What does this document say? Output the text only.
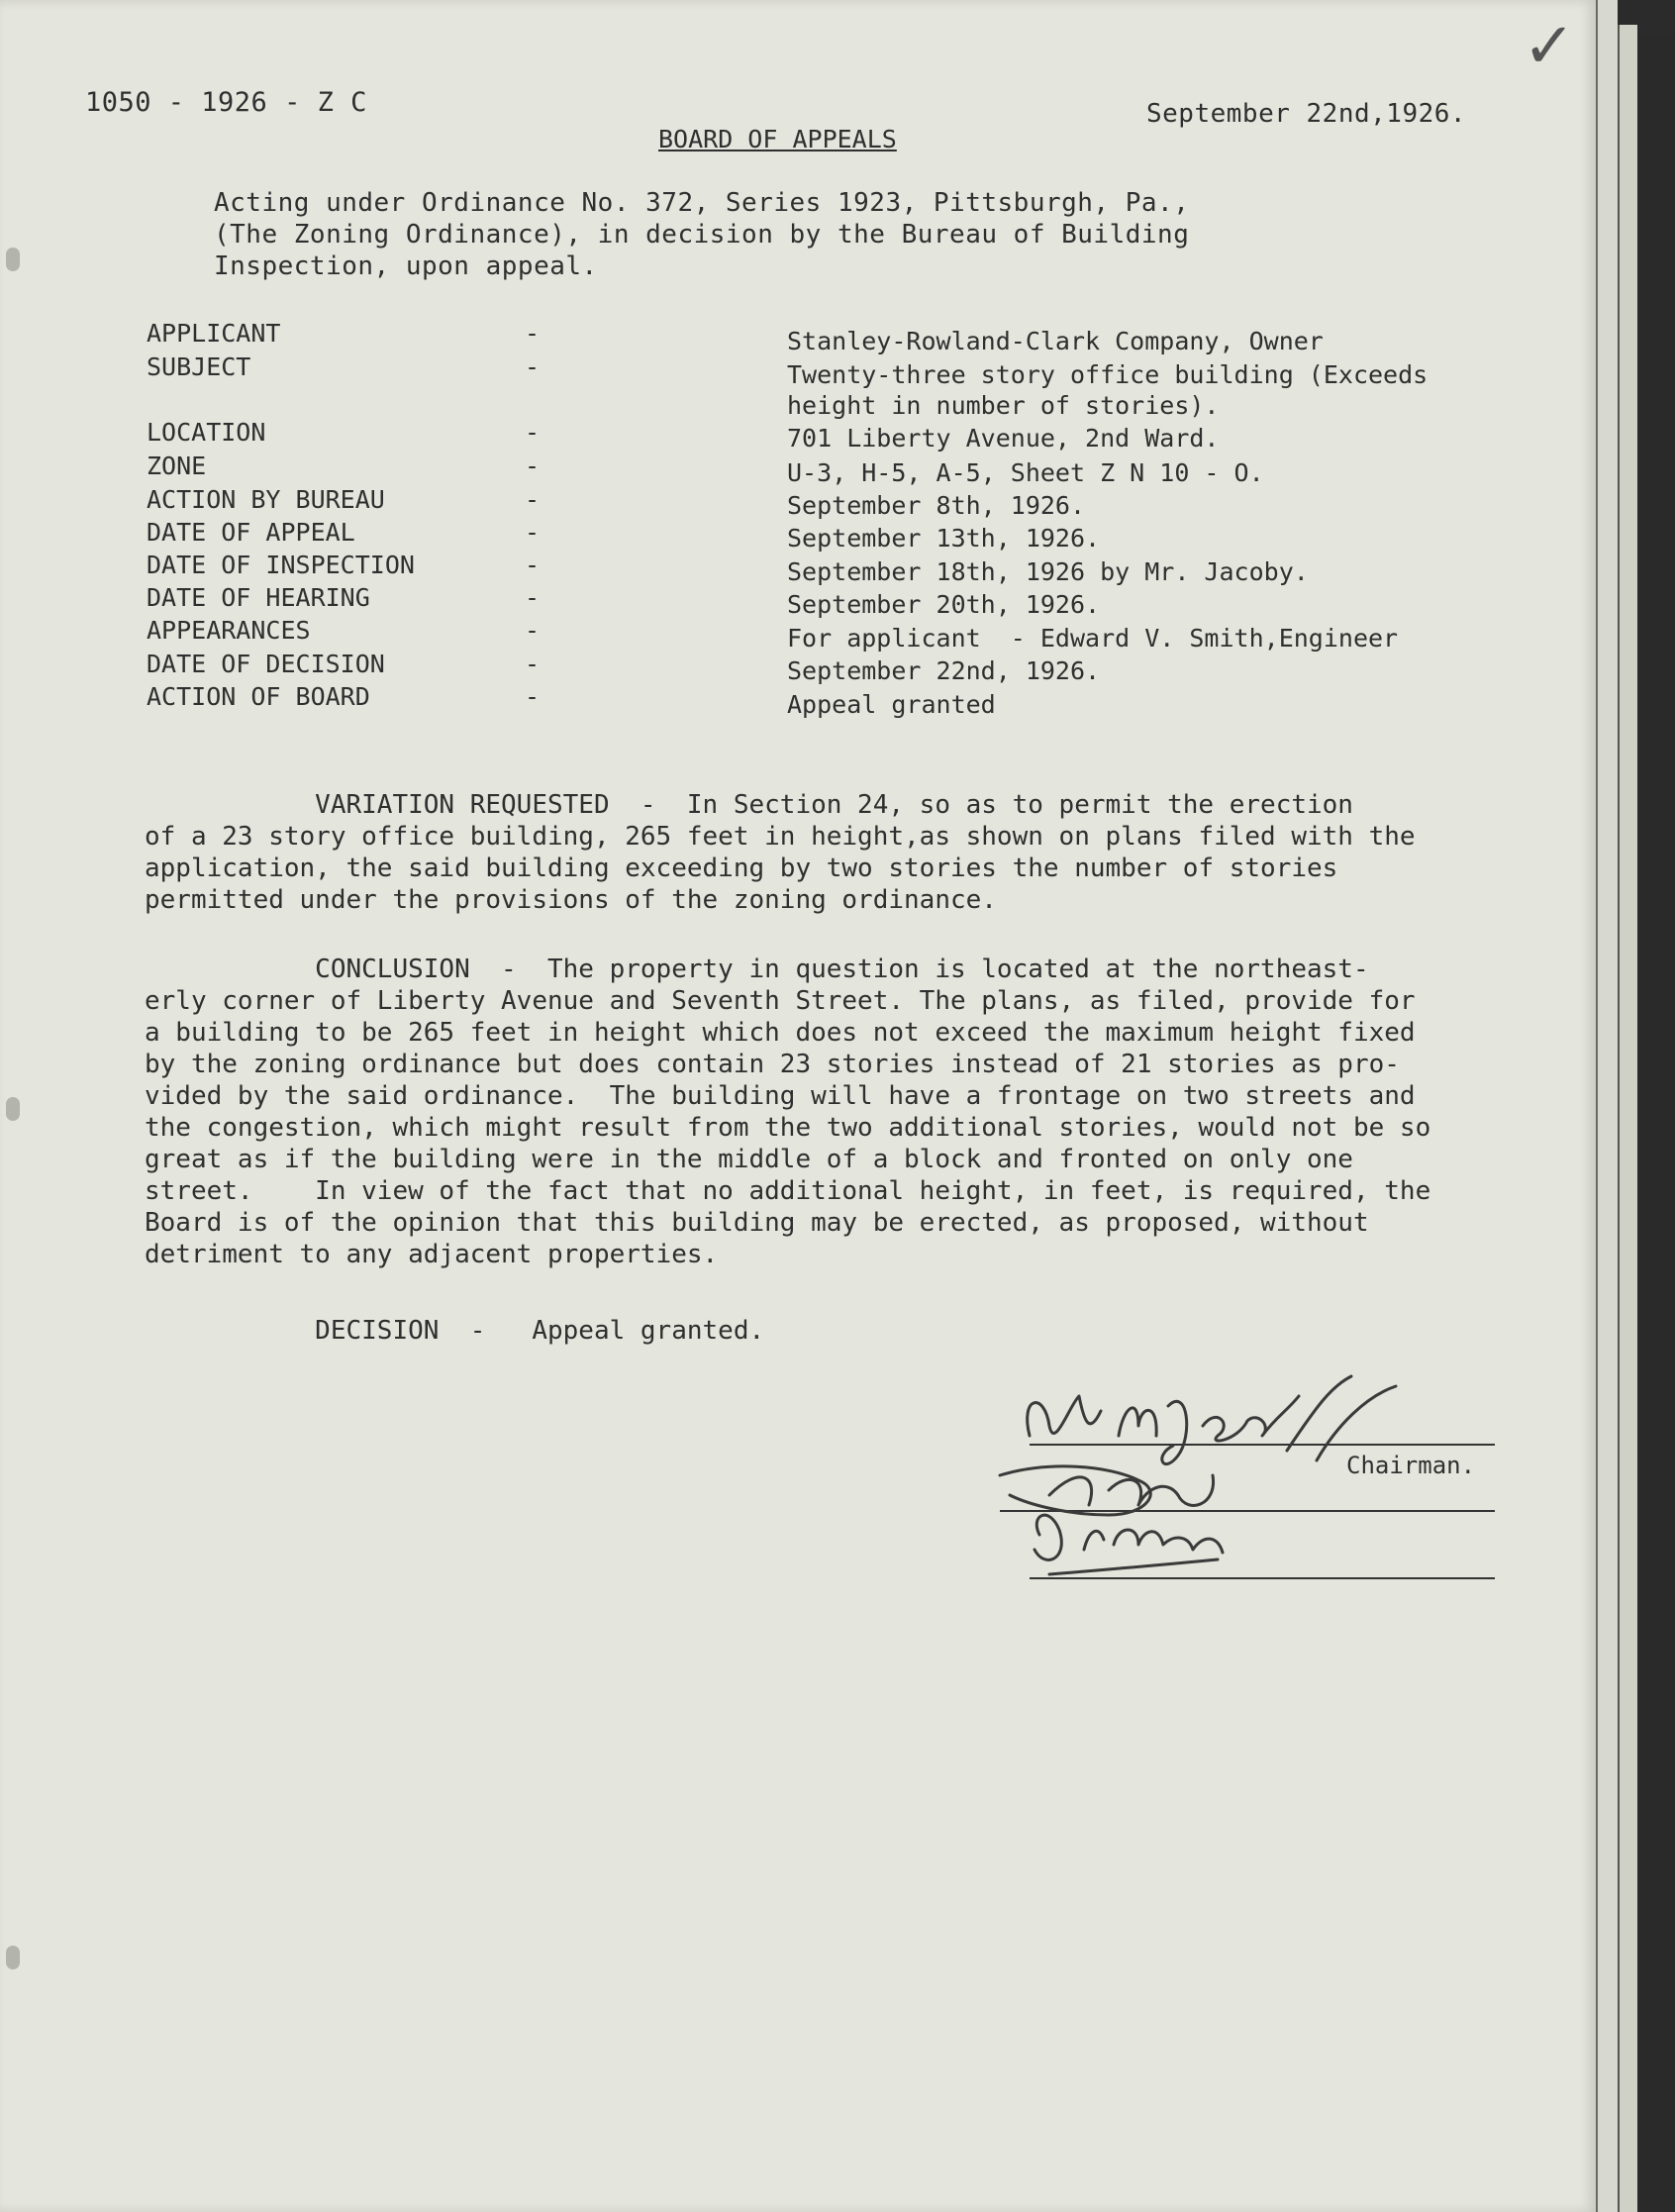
1050 - 1926 - Z C	September 22nd,1926.
BOARD OF APPEALS
✓
Acting under Ordinance No. 372, Series 1923, Pittsburgh, Pa.,
(The Zoning Ordinance), in decision by the Bureau of Building
Inspection, upon appeal.
APPLICANT	-	Stanley-Rowland-Clark Company, Owner
SUBJECT	-	Twenty-three story office building (Exceeds
height in number of stories).
LOCATION	-	701 Liberty Avenue, 2nd Ward.
ZONE	-	U-3, H-5, A-5, Sheet Z N 10 - O.
ACTION BY BUREAU	-	September 8th, 1926.
DATE OF APPEAL	-	September 13th, 1926.
DATE OF INSPECTION	-	September 18th, 1926 by Mr. Jacoby.
DATE OF HEARING	-	September 20th, 1926.
APPEARANCES	-	For applicant  - Edward V. Smith,Engineer
DATE OF DECISION	-	September 22nd, 1926.
ACTION OF BOARD	-	Appeal granted
VARIATION REQUESTED  -  In Section 24, so as to permit the erection
of a 23 story office building, 265 feet in height,as shown on plans filed with the
application, the said building exceeding by two stories the number of stories
permitted under the provisions of the zoning ordinance.
CONCLUSION  -  The property in question is located at the northeast-
erly corner of Liberty Avenue and Seventh Street. The plans, as filed, provide for
a building to be 265 feet in height which does not exceed the maximum height fixed
by the zoning ordinance but does contain 23 stories instead of 21 stories as pro-
vided by the said ordinance.  The building will have a frontage on two streets and
the congestion, which might result from the two additional stories, would not be so
great as if the building were in the middle of a block and fronted on only one
street.    In view of the fact that no additional height, in feet, is required, the
Board is of the opinion that this building may be erected, as proposed, without
detriment to any adjacent properties.
DECISION  -   Appeal granted.
Chairman.
